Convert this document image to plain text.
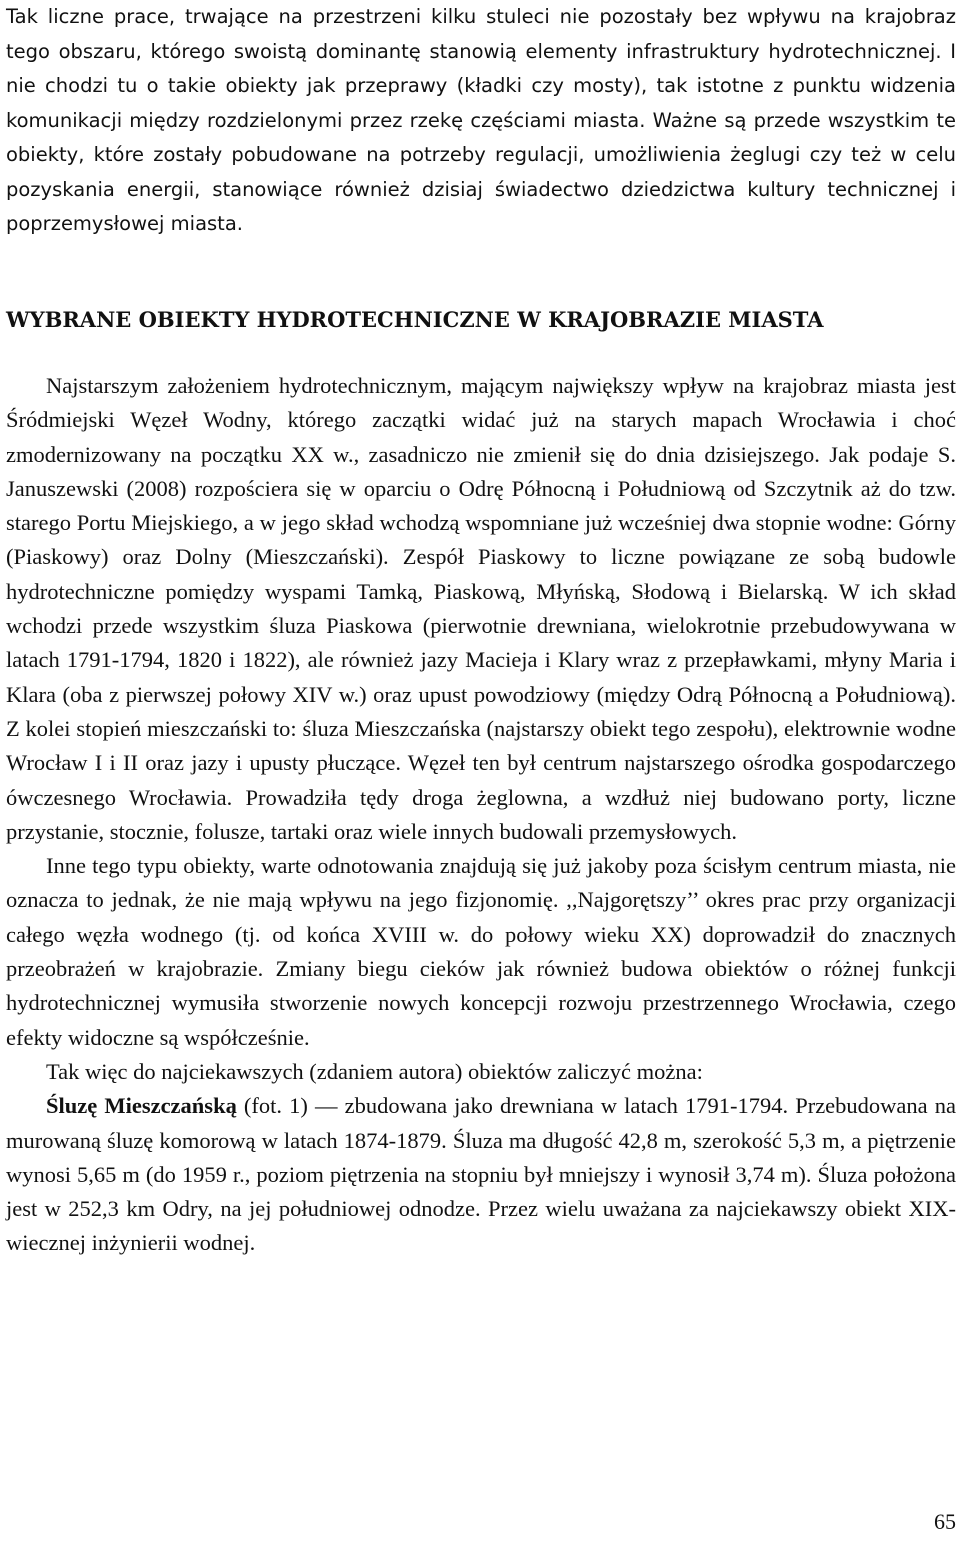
Tak liczne prace, trwające na przestrzeni kilku stuleci nie pozostały bez wpływu na krajobraz tego obszaru, którego swoistą dominantę stanowią elementy infrastruktury hydrotechnicznej. I nie chodzi tu o takie obiekty jak przeprawy (kładki czy mosty), tak istotne z punktu widzenia komunikacji między rozdzielonymi przez rzekę częściami miasta. Ważne są przede wszystkim te obiekty, które zostały pobudowane na potrzeby regulacji, umożliwienia żeglugi czy też w celu pozyskania energii, stanowiące również dzisiaj świadectwo dziedzictwa kultury technicznej i poprzemysłowej miasta.

WYBRANE OBIEKTY HYDROTECHNICZNE W KRAJOBRAZIE MIASTA

Najstarszym założeniem hydrotechnicznym, mającym największy wpływ na krajobraz miasta jest Śródmiejski Węzeł Wodny, którego zaczątki widać już na starych mapach Wrocławia i choć zmodernizowany na początku XX w., zasadniczo nie zmienił się do dnia dzisiejszego. Jak podaje S. Januszewski (2008) rozpościera się w oparciu o Odrę Północną i Południową od Szczytnik aż do tzw. starego Portu Miejskiego, a w jego skład wchodzą wspomniane już wcześniej dwa stopnie wodne: Górny (Piaskowy) oraz Dolny (Mieszczański). Zespół Piaskowy to liczne powiązane ze sobą budowle hydrotechniczne pomiędzy wyspami Tamką, Piaskową, Młyńską, Słodową i Bielarską. W ich skład wchodzi przede wszystkim śluza Piaskowa (pierwotnie drewniana, wielokrotnie przebudowywana w latach 1791-1794, 1820 i 1822), ale również jazy Macieja i Klary wraz z przepławkami, młyny Maria i Klara (oba z pierwszej połowy XIV w.) oraz upust powodziowy (między Odrą Północną a Południową). Z kolei stopień mieszczański to: śluza Mieszczańska (najstarszy obiekt tego zespołu), elektrownie wodne Wrocław I i II oraz jazy i upusty płuczące. Węzeł ten był centrum najstarszego ośrodka gospodarczego ówczesnego Wrocławia. Prowadziła tędy droga żeglowna, a wzdłuż niej budowano porty, liczne przystanie, stocznie, folusze, tartaki oraz wiele innych budowali przemysłowych.

Inne tego typu obiekty, warte odnotowania znajdują się już jakoby poza ścisłym centrum miasta, nie oznacza to jednak, że nie mają wpływu na jego fizjonomię. ,,Najgorętszy’’ okres prac przy organizacji całego węzła wodnego (tj. od końca XVIII w. do połowy wieku XX) doprowadził do znacznych przeobrażeń w krajobrazie. Zmiany biegu cieków jak również budowa obiektów o różnej funkcji hydrotechnicznej wymusiła stworzenie nowych koncepcji rozwoju przestrzennego Wrocławia, czego efekty widoczne są współcześnie.

Tak więc do najciekawszych (zdaniem autora) obiektów zaliczyć można:

Śluzę Mieszczańską (fot. 1) — zbudowana jako drewniana w latach 1791-1794. Przebudowana na murowaną śluzę komorową w latach 1874-1879. Śluza ma długość 42,8 m, szerokość 5,3 m, a piętrzenie wynosi 5,65 m (do 1959 r., poziom piętrzenia na stopniu był mniejszy i wynosił 3,74 m). Śluza położona jest w 252,3 km Odry, na jej południowej odnodze. Przez wielu uważana za najciekawszy obiekt XIX-wiecznej inżynierii wodnej.

65
